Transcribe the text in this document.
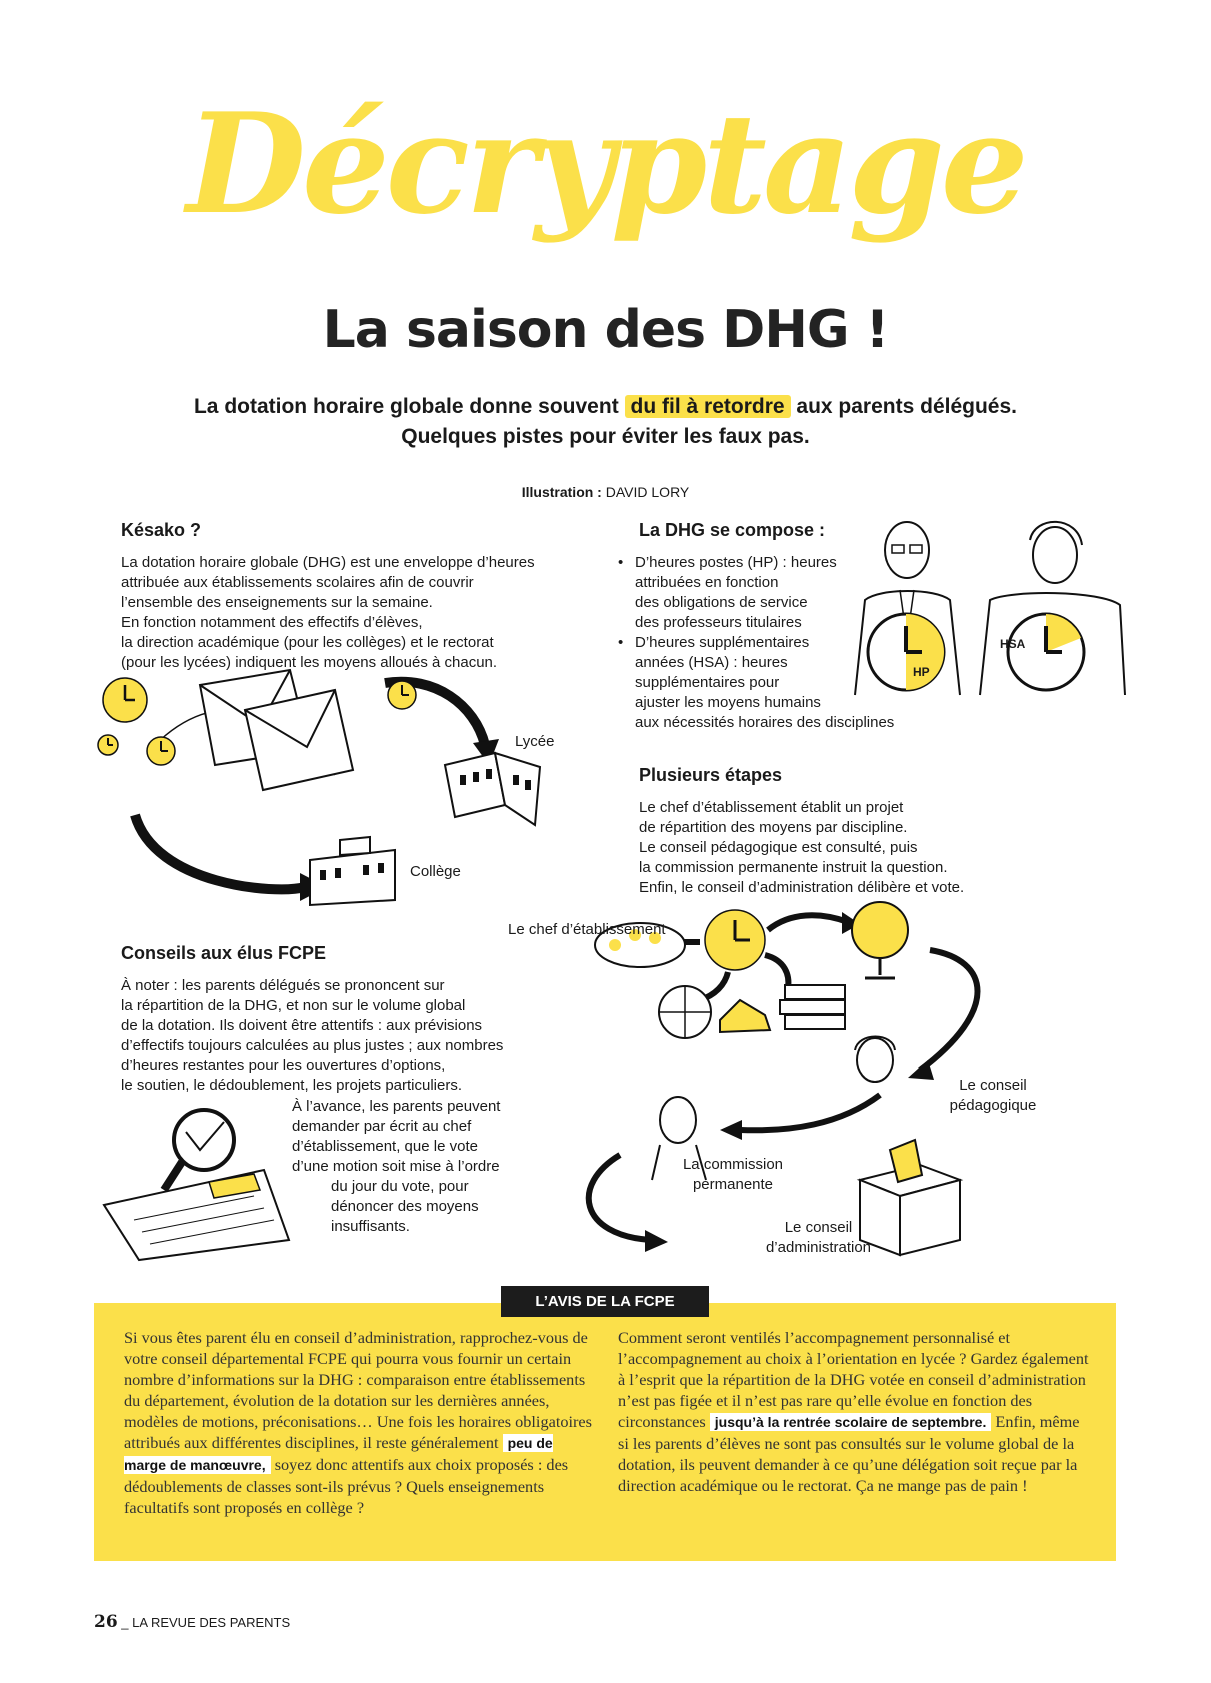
Décryptage
La saison des DHG !
La dotation horaire globale donne souvent du fil à retordre aux parents délégués.
Quelques pistes pour éviter les faux pas.
Illustration : DAVID LORY
Késako ?

La dotation horaire globale (DHG) est une enveloppe d’heures

attribuée aux établissements scolaires afin de couvrir

l’ensemble des enseignements sur la semaine.

En fonction notamment des effectifs d’élèves,

la direction académique (pour les collèges) et le rectorat

(pour les lycées) indiquent les moyens alloués à chacun.

Lycée
Collège
La DHG se compose :
• D’heures postes (HP) : heures
attribuées en fonction
des obligations de service
des professeurs titulaires
• D’heures supplémentaires
années (HSA) : heures
supplémentaires pour
ajuster les moyens humains
aux nécessités horaires des disciplines
HP
HSA
Plusieurs étapes

Le chef d’établissement établit un projet

de répartition des moyens par discipline.

Le conseil pédagogique est consulté, puis

la commission permanente instruit la question.

Enfin, le conseil d’administration délibère et vote.

Le chef d’établissement
Le conseil
pédagogique
La commission
permanente
Le conseil
d’administration
Conseils aux élus FCPE

À noter : les parents délégués se prononcent sur

la répartition de la DHG, et non sur le volume global

de la dotation. Ils doivent être attentifs : aux prévisions

d’effectifs toujours calculées au plus justes ; aux nombres

d’heures restantes pour les ouvertures d’options,

le soutien, le dédoublement, les projets particuliers.

À l’avance, les parents peuvent

demander par écrit au chef

d’établissement, que le vote

d’une motion soit mise à l’ordre

du jour du vote, pour

dénoncer des moyens

insuffisants.

L’AVIS DE LA FCPE

Si vous êtes parent élu en conseil d’administration, rapprochez-vous de votre conseil départemental FCPE qui pourra vous fournir un certain nombre d’informations sur la DHG : comparaison entre établissements du département, évolution de la dotation sur les dernières années, modèles de motions, préconisations… Une fois les horaires obligatoires attribués aux différentes disciplines, il reste généralement peu de marge de manœuvre, soyez donc attentifs aux choix proposés : des dédoublements de classes sont-ils prévus ? Quels enseignements facultatifs sont proposés en collège ?

Comment seront ventilés l’accompagnement personnalisé et l’accompagnement au choix à l’orientation en lycée ? Gardez également à l’esprit que la répartition de la DHG votée en conseil d’administration n’est pas figée et il n’est pas rare qu’elle évolue en fonction des circonstances jusqu’à la rentrée scolaire de septembre. Enfin, même si les parents d’élèves ne sont pas consultés sur le volume global de la dotation, ils peuvent demander à ce qu’une délégation soit reçue par la direction académique ou le rectorat. Ça ne mange pas de pain !

26 _ LA REVUE DES PARENTS
